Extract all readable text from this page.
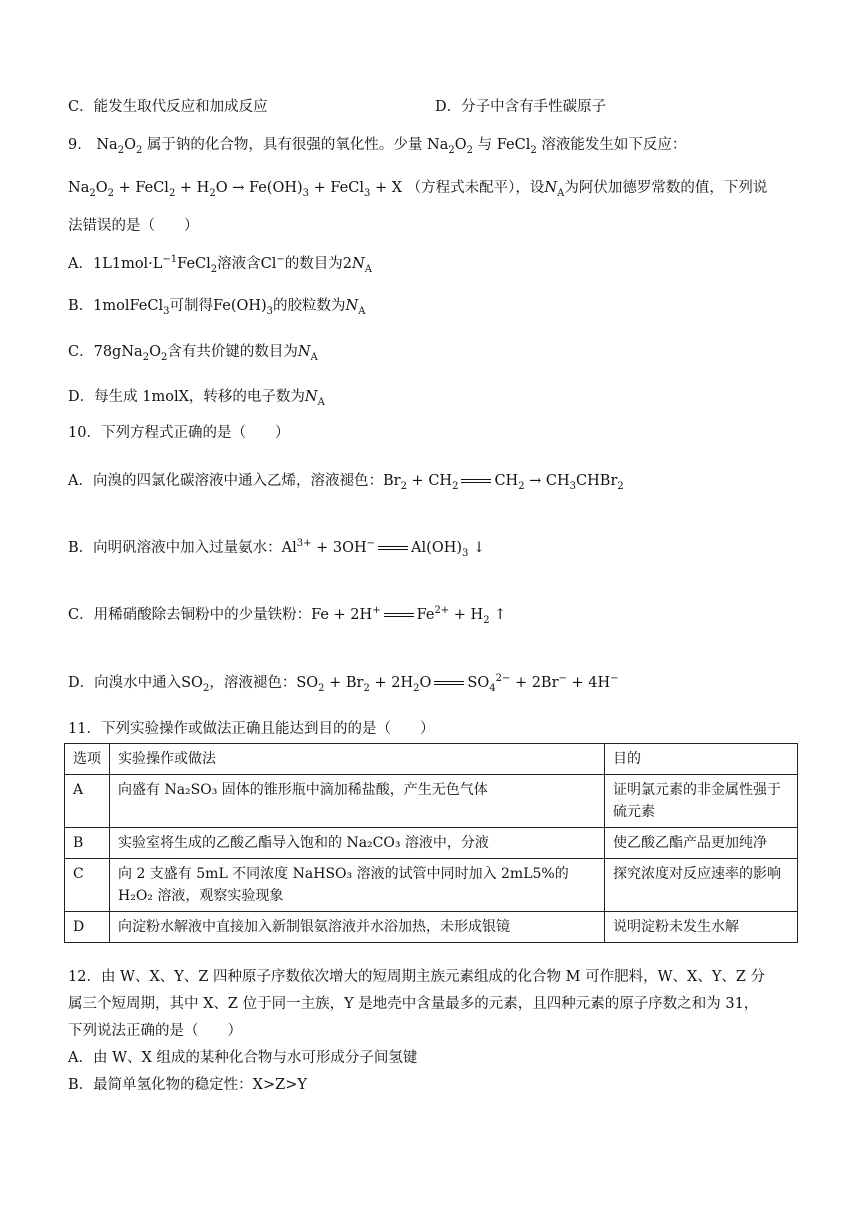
C．能发生取代反应和加成反应	D．分子中含有手性碳原子
9． $Na_2O_2$ 属于钠的化合物，具有很强的氧化性。少量 $Na_2O_2$ 与 FeCl$_2$ 溶液能发生如下反应：
$Na_2O_2$ + FeCl$_2$ + $H_2O \to Fe(OH)_3$ + FeCl$_3$ + X （方程式未配平），设$N_A$为阿伏加德罗常数的值，下列说
法错误的是（　　）
A．$1L1mol\cdot L^{-1}FeCl_2$溶液含Cl−的数目为$2N_A$
B．1molFeCl$_3$可制得$Fe(OH)_3$的胶粒数为$N_A$
C．$78gNa_2O_2$含有共价键的数目为$N_A$
D．每生成 1molX，转移的电子数为$N_A$
10．下列方程式正确的是（　　）
A．向溴的四氯化碳溶液中通入乙烯，溶液褪色：$Br_2 + CH_2$ $CH_2$ → $CH_3CHBr_2$
B．向明矾溶液中加入过量氨水：$Al^{3+} + 3OH^-$ $Al(OH)_3$ ↓
C．用稀硝酸除去铜粉中的少量铁粉：Fe + 2H+ $Fe^{2+} + H_2$ ↑
D．向溴水中通入$SO_2$，溶液褪色：$SO_2 + Br_2 + 2H_2O$ $SO_4^{2-} + 2Br^- + 4H^-$
11．下列实验操作或做法正确且能达到目的的是（　　）
选项	实验操作或做法	目的
A	向盛有 Na₂SO₃ 固体的锥形瓶中滴加稀盐酸，产生无色气体	证明氯元素的非金属性强于硫元素
B	实验室将生成的乙酸乙酯导入饱和的 Na₂CO₃ 溶液中，分液	使乙酸乙酯产品更加纯净
C	向 2 支盛有 5mL 不同浓度 NaHSO₃ 溶液的试管中同时加入 2mL5%的 H₂O₂ 溶液，观察实验现象	探究浓度对反应速率的影响
D	向淀粉水解液中直接加入新制银氨溶液并水浴加热，未形成银镜	说明淀粉未发生水解
12．由 W、X、Y、Z 四种原子序数依次增大的短周期主族元素组成的化合物 M 可作肥料，W、X、Y、Z 分
属三个短周期，其中 X、Z 位于同一主族，Y 是地壳中含量最多的元素，且四种元素的原子序数之和为 31，
下列说法正确的是（　　）
A．由 W、X 组成的某种化合物与水可形成分子间氢键
B．最简单氢化物的稳定性：X>Z>Y
